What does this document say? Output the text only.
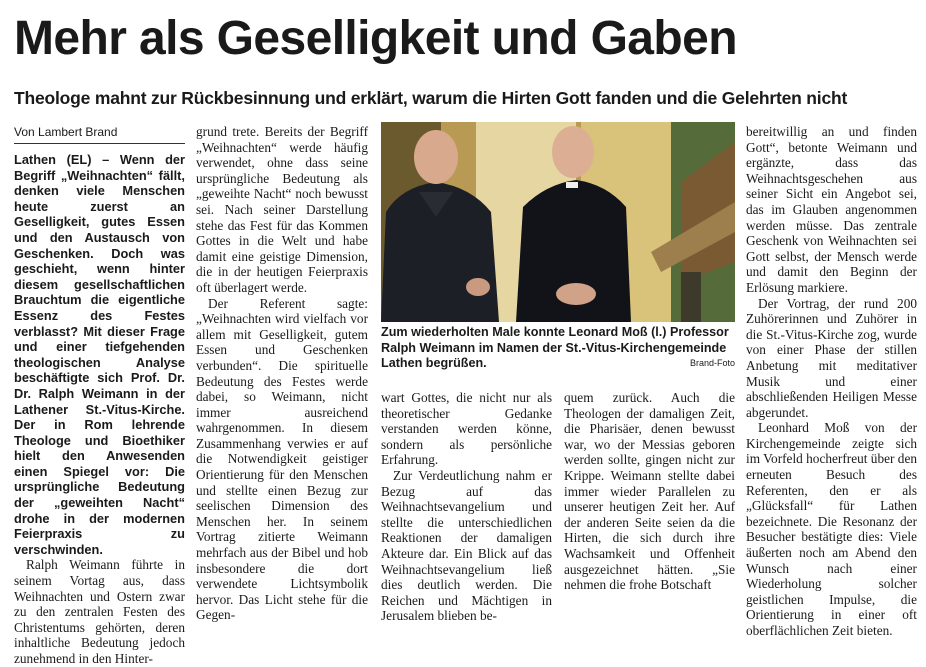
Mehr als Geselligkeit und Gaben
Theologe mahnt zur Rückbesinnung und erklärt, warum die Hirten Gott fanden und die Gelehrten nicht

Von Lambert Brand

Lathen (EL) – Wenn der Begriff „Weihnachten“ fällt, denken viele Menschen heute zuerst an Geselligkeit, gutes Essen und den Austausch von Geschenken. Doch was geschieht, wenn hinter diesem gesellschaftlichen Brauchtum die eigentliche Essenz des Festes verblasst? Mit dieser Frage und einer tiefgehenden theologischen Analyse beschäftigte sich Prof. Dr. Dr. Ralph Weimann in der Lathener St.-Vitus-Kirche. Der in Rom lehrende Theologe und Bioethiker hielt den Anwesenden einen Spiegel vor: Die ursprüngliche Bedeutung der „geweihten Nacht“ drohe in der modernen Feierpraxis zu verschwinden.

Ralph Weimann führte in seinem Vortag aus, dass Weihnachten und Ostern zwar zu den zentralen Festen des Christentums gehörten, deren inhaltliche Bedeutung jedoch zunehmend in den Hinter-

grund trete. Bereits der Begriff „Weihnachten“ werde häufig verwendet, ohne dass seine ursprüngliche Bedeutung als „geweihte Nacht“ noch bewusst sei. Nach seiner Darstellung stehe das Fest für das Kommen Gottes in die Welt und habe damit eine geistige Dimension, die in der heutigen Feierpraxis oft überlagert werde.

Der Referent sagte: „Weihnachten wird vielfach vor allem mit Geselligkeit, gutem Essen und Geschenken verbunden“. Die spirituelle Bedeutung des Festes werde dabei, so Weimann, nicht immer ausreichend wahrgenommen. In diesem Zusammenhang verwies er auf die Notwendigkeit geistiger Orientierung für den Menschen und stellte einen Bezug zur seelischen Dimension des Menschen her. In seinem Vortrag zitierte Weimann mehrfach aus der Bibel und hob insbesondere die dort verwendete Lichtsymbolik hervor. Das Licht stehe für die Gegen-

Zum wiederholten Male konnte Leonard Moß (l.) Professor Ralph Weimann im Namen der St.-Vitus-Kirchengemeinde Lathen begrüßen.	Brand-Foto

wart Gottes, die nicht nur als theoretischer Gedanke verstanden werden könne, sondern als persönliche Erfahrung.

Zur Verdeutlichung nahm er Bezug auf das Weihnachtsevangelium und stellte die unterschiedlichen Reaktionen der damaligen Akteure dar. Ein Blick auf das Weihnachtsevangelium ließ dies deutlich werden. Die Reichen und Mächtigen in Jerusalem blieben be-

quem zurück. Auch die Theologen der damaligen Zeit, die Pharisäer, denen bewusst war, wo der Messias geboren werden sollte, gingen nicht zur Krippe. Weimann stellte dabei immer wieder Parallelen zu unserer heutigen Zeit her. Auf der anderen Seite seien da die Hirten, die sich durch ihre Wachsamkeit und Offenheit ausgezeichnet hätten. „Sie nehmen die frohe Botschaft

bereitwillig an und finden Gott“, betonte Weimann und ergänzte, dass das Weihnachtsgeschehen aus seiner Sicht ein Angebot sei, das im Glauben angenommen werden müsse. Das zentrale Geschenk von Weihnachten sei Gott selbst, der Mensch werde und damit den Beginn der Erlösung markiere.

Der Vortrag, der rund 200 Zuhörerinnen und Zuhörer in die St.-Vitus-Kirche zog, wurde von einer Phase der stillen Anbetung mit meditativer Musik und einer abschließenden Heiligen Messe abgerundet.

Leonhard Moß von der Kirchengemeinde zeigte sich im Vorfeld hocherfreut über den erneuten Besuch des Referenten, den er als „Glücksfall“ für Lathen bezeichnete. Die Resonanz der Besucher bestätigte dies: Viele äußerten noch am Abend den Wunsch nach einer Wiederholung solcher geistlichen Impulse, die Orientierung in einer oft oberflächlichen Zeit bieten.
